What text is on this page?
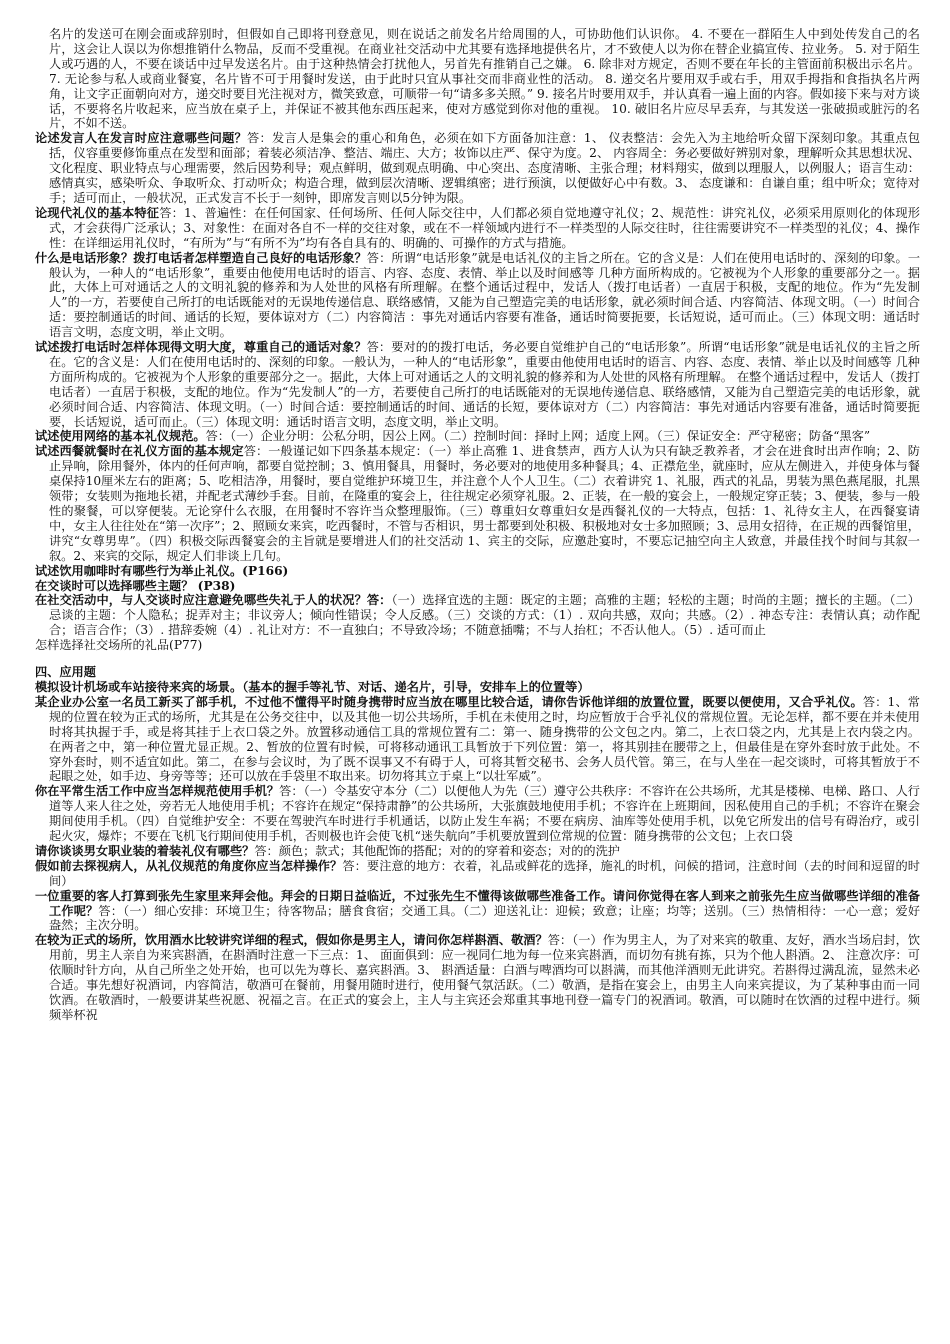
名片的发送可在刚会面或辞别时，但假如自己即将刊登意见，则在说话之前发名片给周围的人，可协助他们认识你。 4. 不要在一群陌生人中到处传发自己的名片，这会让人误以为你想推销什么物品，反而不受重视。在商业社交活动中尤其要有选择地提供名片，才不致使人以为你在替企业搞宣传、拉业务。 5. 对于陌生人或巧遇的人，不要在谈话中过早发送名片。由于这种热情会打扰他人，另首先有推销自己之嫌。 6. 除非对方规定，否则不要在年长的主管面前积极出示名片。 7. 无论参与私人或商业餐宴，名片皆不可于用餐时发送，由于此时只宜从事社交而非商业性的活动。 8. 递交名片要用双手或右手，用双手拇指和食指执名片两角，让文字正面朝向对方，递交时要目光注视对方，微笑致意，可顺带一句“请多多关照。” 9. 接名片时要用双手，并认真看一遍上面的内容。假如接下来与对方谈话，不要将名片收起来，应当放在桌子上，并保证不被其他东西压起来，使对方感觉到你对他的重视。 10. 破旧名片应尽早丢弃，与其发送一张破损或脏污的名片，不如不送。

论述发言人在发言时应注意哪些问题？答：发言人是集会的重心和角色，必须在如下方面备加注意：1、 仪表整洁：会先入为主地给听众留下深刻印象。其重点包括，仪容重要修饰重点在发型和面部；着装必须洁净、整洁、端庄、大方；妆饰以庄严、保守为度。2、 内容周全：务必要做好辨别对象，理解听众其思想状况、文化程度、职业特点与心理需要，然后因势利导；观点鲜明，做到观点明确、中心突出、态度清晰、主张合理；材料翔实，做到以理服人，以例服人；语言生动：感情真实，感染听众、争取听众、打动听众；构造合理，做到层次清晰、逻辑缜密；进行预演，以便做好心中有数。3、 态度谦和：自谦自重；组中听众；宽待对手；适可而止，一般状况，正式发言不长于一刻钟，即席发言则以5分钟为限。

论现代礼仪的基本特征答：1、普遍性：在任何国家、任何场所、任何人际交往中，人们都必须自觉地遵守礼仪；2、规范性：讲究礼仪，必须采用原则化的体现形式，才会获得广泛承认；3、对象性：在面对各自不一样的交往对象，或在不一样领域内进行不一样类型的人际交往时，往往需要讲究不一样类型的礼仪；4、操作性：在详细运用礼仪时，“有所为”与“有所不为”均有各自具有的、明确的、可操作的方式与措施。

什么是电话形象？拨打电话者怎样塑造自己良好的电话形象？答：所谓“电话形象”就是电话礼仪的主旨之所在。它的含义是：人们在使用电话时的、深刻的印象。一般认为，一种人的“电话形象”，重要由他使用电话时的语言、内容、态度、表情、举止以及时间感等 几种方面所构成的。它被视为个人形象的重要部分之一。据此，大体上可对通话之人的文明礼貌的修养和为人处世的风格有所理解。在整个通话过程中，发话人（拨打电话者）一直居于积极，支配的地位。作为“先发制人”的一方，若要使自己所打的电话既能对的无误地传递信息、联络感情，又能为自己塑造完美的电话形象，就必须时间合适、内容简洁、体现文明。（一）时间合适：要控制通话的时间、通话的长短，要体谅对方（二）内容简洁 ：事先对通话内容要有准备，通话时简要扼要，长话短说，适可而止。（三）体现文明：通话时语言文明，态度文明，举止文明。

试述拨打电话时怎样体现得文明大度，尊重自己的通话对象？答：要对的的拨打电话，务必要自觉维护自己的“电话形象”。所谓“电话形象”就是电话礼仪的主旨之所在。它的含义是：人们在使用电话时的、深刻的印象。一般认为，一种人的“电话形象”，重要由他使用电话时的语言、内容、态度、表情、举止以及时间感等 几种方面所构成的。它被视为个人形象的重要部分之一。据此，大体上可对通话之人的文明礼貌的修养和为人处世的风格有所理解。 在整个通话过程中，发话人（拨打电话者）一直居于积极，支配的地位。作为“先发制人”的一方，若要使自己所打的电话既能对的无误地传递信息、联络感情，又能为自己塑造完美的电话形象，就必须时间合适、内容简洁、体现文明。（一）时间合适：要控制通话的时间、通话的长短，要体谅对方（二）内容简洁：事先对通话内容要有准备，通话时简要扼要，长话短说，适可而止。（三）体现文明：通话时语言文明，态度文明，举止文明。

试述使用网络的基本礼仪规范。答：（一）企业分明：公私分明，因公上网。（二）控制时间：择时上网；适度上网。（三）保证安全：严守秘密；防备“黑客”

试述西餐就餐时在礼仪方面的基本规定答：一般谨记如下四条基本规定：（一）举止高雅 1、进食禁声，西方人认为只有缺乏教养者，才会在进食时出声作响；2、防止异响，除用餐外，体内的任何声响，都要自觉控制；3、慎用餐具，用餐时，务必要对的地使用多种餐具；4、正襟危坐，就座时，应从左侧进入，并使身体与餐桌保持10厘米左右的距离；5、吃相洁净，用餐时，要自觉维护环境卫生，并注意个人个人卫生。（二）衣着讲究 1、礼服，西式的礼品，男装为黑色燕尾服，扎黑领带；女装则为拖地长裙，并配老式薄纱手套。目前，在隆重的宴会上，往往规定必须穿礼服。2、正装，在一般的宴会上，一般规定穿正装；3、便装，参与一般性的聚餐，可以穿便装。无论穿什么衣服，在用餐时不容许当众整理服饰。（三）尊重妇女尊重妇女是西餐礼仪的一大特点，包括：1、礼待女主人，在西餐宴请中，女主人往往处在“第一次序”；2、照顾女来宾，吃西餐时，不管与否相识，男士都要到处积极、积极地对女士多加照顾；3、忌用女招待，在正规的西餐馆里，讲究“女尊男卑”。（四）积极交际西餐宴会的主旨就是要增进人们的社交活动 1、宾主的交际，应邀赴宴时，不要忘记抽空向主人致意，并最佳找个时间与其叙一叙。2、来宾的交际，规定人们非谈上几句。

试述饮用咖啡时有哪些行为举止礼仪。(P166)

在交谈时可以选择哪些主题？ (P38)

在社交活动中，与人交谈时应注意避免哪些失礼于人的状况？答：（一）选择宜选的主题：既定的主题；高雅的主题；轻松的主题；时尚的主题；擅长的主题。（二）忌谈的主题：个人隐私；捉弄对主；非议旁人；倾向性错误；令人反感。（三）交谈的方式：（1）. 双向共感，双向；共感。（2）. 神态专注：表情认真；动作配合；语言合作；（3）. 措辞委婉（4）. 礼让对方：不一直独白；不导致冷场；不随意插嘴；不与人抬杠；不否认他人。（5）. 适可而止

怎样选择社交场所的礼品(P77)

四、应用题

模拟设计机场或车站接待来宾的场景。（基本的握手等礼节、对话、递名片，引导，安排车上的位置等）

某企业办公室一名员工新买了部手机，不过他不懂得平时随身携带时应当放在哪里比较合适，请你告诉他详细的放置位置，既要以便使用，又合乎礼仪。答：1、常规的位置在较为正式的场所，尤其是在公务交往中，以及其他一切公共场所，手机在未使用之时，均应暂放于合乎礼仪的常规位置。无论怎样，都不要在并未使用时将其执握于手，或是将其挂于上衣口袋之外。放置移动通信工具的常规位置有二：第一、随身携带的公文包之内。第二，上衣口袋之内，尤其是上衣内袋之内。在两者之中，第一种位置尤显正规。2、暂放的位置有时候，可将移动通讯工具暂放于下列位置：第一，将其别挂在腰带之上，但最佳是在穿外套时放于此处。不穿外套时，则不适宜如此。第二，在参与会议时，为了既不误事又不有碍于人，可将其暂交秘书、会务人员代管。第三，在与人坐在一起交谈时，可将其暂放于不起眼之处，如手边、身旁等等；还可以放在手袋里不取出来。切勿将其立于桌上“以壮军威”。

你在平常生活工作中应当怎样规范使用手机？答：（一）令基安守本分（二）以便他人为先（三）遵守公共秩序：不容许在公共场所，尤其是楼梯、电梯、路口、人行道等人来人往之处，旁若无人地使用手机；不容许在规定“保持肃静”的公共场所，大张旗鼓地使用手机；不容许在上班期间，因私使用自己的手机；不容许在聚会期间使用手机。（四）自觉维护安全：不要在驾驶汽车时进行手机通话，以防止发生车祸；不要在病房、油库等处使用手机，以免它所发出的信号有碍治疗，或引起火灾，爆炸；不要在飞机飞行期间使用手机，否则极也许会使飞机“迷失航向”手机要放置到位常规的位置：随身携带的公文包；上衣口袋

请你谈谈男女职业装的着装礼仪有哪些？答：颜色；款式；其他配饰的搭配；对的的穿着和姿态；对的的洗护

假如前去探视病人，从礼仪规范的角度你应当怎样操作？答：要注意的地方：衣着，礼品或鲜花的选择，施礼的时机，问候的措词，注意时间（去的时间和逗留的时间）

一位重要的客人打算到张先生家里来拜会他。拜会的日期日益临近，不过张先生不懂得该做哪些准备工作。请问你觉得在客人到来之前张先生应当做哪些详细的准备工作呢？答：（一）细心安排：环境卫生；待客物品；膳食食宿；交通工具。（二）迎送礼让：迎候；致意；让座；均等；送别。（三）热情相待：一心一意；爱好盎然；主次分明。

在较为正式的场所，饮用酒水比较讲究详细的程式，假如你是男主人，请问你怎样斟酒、敬酒？答：（一）作为男主人，为了对来宾的敬重、友好，酒水当场启封，饮用前，男主人亲自为来宾斟酒，在斟酒时注意一下三点：1、 面面俱到：应一视同仁地为每一位来宾斟酒，而切勿有挑有拣，只为个他人斟酒。2、 注意次序：可依顺时针方向，从自己所坐之处开始，也可以先为尊长、嘉宾斟酒。3、 斟酒适量：白酒与啤酒均可以斟满，而其他洋酒则无此讲究。若斟得过满乱流，显然未必合适。事先想好祝酒词，内容简洁，敬酒可在餐前，用餐用随时进行，使用餐气氛活跃。（二）敬酒，是指在宴会上，由男主人向来宾提议，为了某种事由而一同饮酒。在敬酒时，一般要讲某些祝愿、祝福之言。在正式的宴会上，主人与主宾还会郑重其事地刊登一篇专门的祝酒词。敬酒，可以随时在饮酒的过程中进行。频频举杯祝
